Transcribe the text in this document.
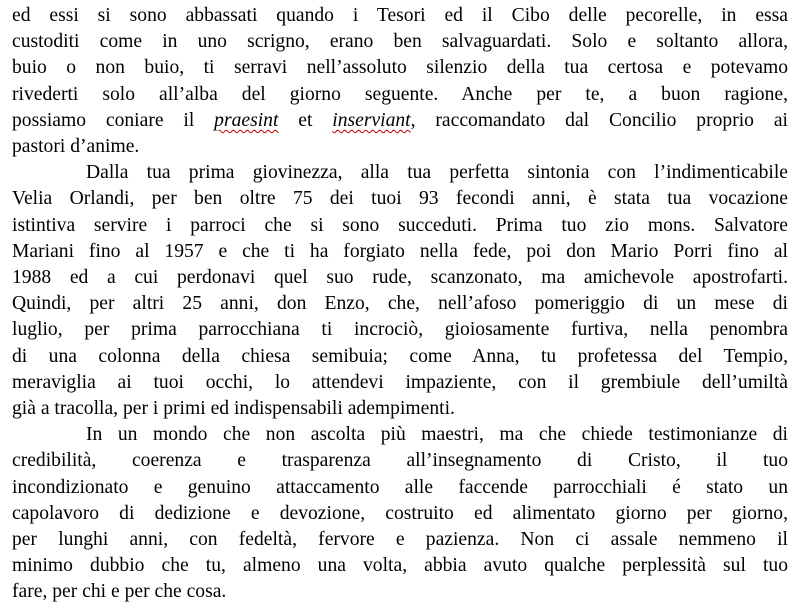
ed essi si sono abbassati quando i Tesori ed il Cibo delle pecorelle, in essa
custoditi come in uno scrigno, erano ben salvaguardati. Solo e soltanto allora,
buio o non buio, ti serravi nell’assoluto silenzio della tua certosa e potevamo
rivederti solo all’alba del giorno seguente. Anche per te, a buon ragione,
possiamo coniare il praesint et inserviant, raccomandato dal Concilio proprio ai
pastori d’anime.
Dalla tua prima giovinezza, alla tua perfetta sintonia con l’indimenticabile
Velia Orlandi, per ben oltre 75 dei tuoi 93 fecondi anni, è stata tua vocazione
istintiva servire i parroci che si sono succeduti. Prima tuo zio mons. Salvatore
Mariani fino al 1957 e che ti ha forgiato nella fede, poi don Mario Porri fino al
1988 ed a cui perdonavi quel suo rude, scanzonato, ma amichevole apostrofarti.
Quindi, per altri 25 anni, don Enzo, che, nell’afoso pomeriggio di un mese di
luglio, per prima parrocchiana ti incrociò, gioiosamente furtiva, nella penombra
di una colonna della chiesa semibuia; come Anna, tu profetessa del Tempio,
meraviglia ai tuoi occhi, lo attendevi impaziente, con il grembiule dell’umiltà
già a tracolla, per i primi ed indispensabili adempimenti.
In un mondo che non ascolta più maestri, ma che chiede testimonianze di
credibilità, coerenza e trasparenza all’insegnamento di Cristo, il tuo
incondizionato e genuino attaccamento alle faccende parrocchiali é stato un
capolavoro di dedizione e devozione, costruito ed alimentato giorno per giorno,
per lunghi anni, con fedeltà, fervore e pazienza. Non ci assale nemmeno il
minimo dubbio che tu, almeno una volta, abbia avuto qualche perplessità sul tuo
fare, per chi e per che cosa.
